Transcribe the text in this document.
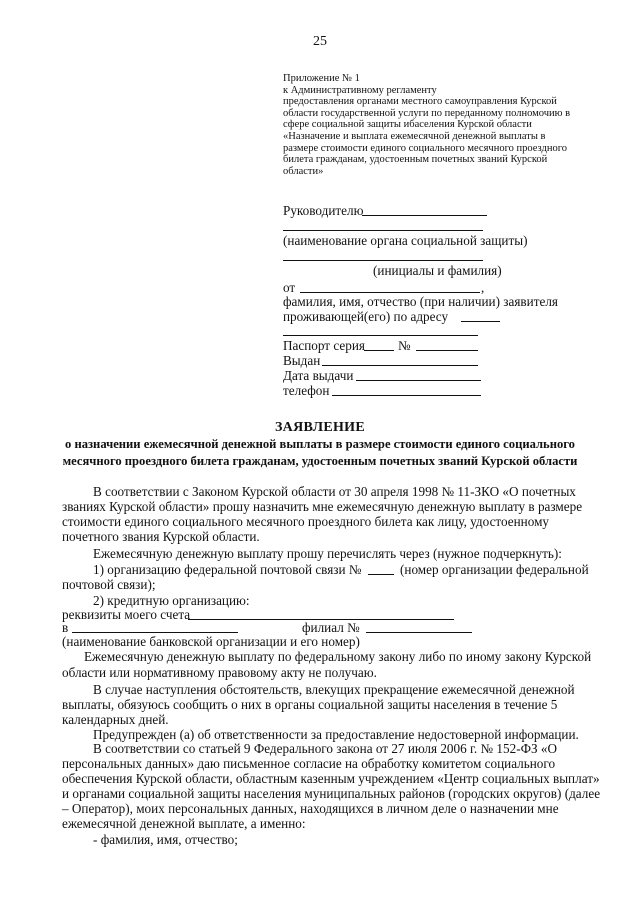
25
Приложение № 1
к Административному регламенту
предоставления органами местного самоуправления Курской
области государственной услуги по переданному полномочию в
сфере социальной защиты ибаселения Курской области
«Назначение и выплата ежемесячной денежной выплаты в
размере стоимости единого социального месячного проездного
билета гражданам, удостоенным почетных званий Курской
области»
Руководителю
(наименование органа социальной защиты)
(инициалы и фамилия)
от	,
фамилия, имя, отчество (при наличии) заявителя
проживающей(его) по адресу
Паспорт серия	№
Выдан
Дата выдачи
телефон
ЗАЯВЛЕНИЕ
о назначении ежемесячной денежной выплаты в размере стоимости единого социального
месячного проездного билета гражданам, удостоенным почетных званий Курской области
В соответствии с Законом Курской области от 30 апреля 1998 № 11-ЗКО «О почетных
званиях Курской области» прошу назначить мне ежемесячную денежную выплату в размере
стоимости единого социального месячного проездного билета как лицу, удостоенному
почетного звания Курской области.
Ежемесячную денежную выплату прошу перечислять через (нужное подчеркнуть):
1) организацию федеральной почтовой связи №	(номер организации федеральной
почтовой связи);
2) кредитную организацию:
реквизиты моего счета
в	филиал №
(наименование банковской организации и его номер)
Ежемесячную денежную выплату по федеральному закону либо по иному закону Курской
области или нормативному правовому акту не получаю.
В случае наступления обстоятельств, влекущих прекращение ежемесячной денежной
выплаты, обязуюсь сообщить о них в органы социальной защиты населения в течение 5
календарных дней.
Предупрежден (а) об ответственности за предоставление недостоверной информации.
В соответствии со статьей 9 Федерального закона от 27 июля 2006 г. № 152-ФЗ «О
персональных данных» даю письменное согласие на обработку комитетом социального
обеспечения Курской области, областным казенным учреждением «Центр социальных выплат»
и органами социальной защиты населения муниципальных районов (городских округов) (далее
– Оператор), моих персональных данных, находящихся в личном деле о назначении мне
ежемесячной денежной выплате, а именно:
- фамилия, имя, отчество;
